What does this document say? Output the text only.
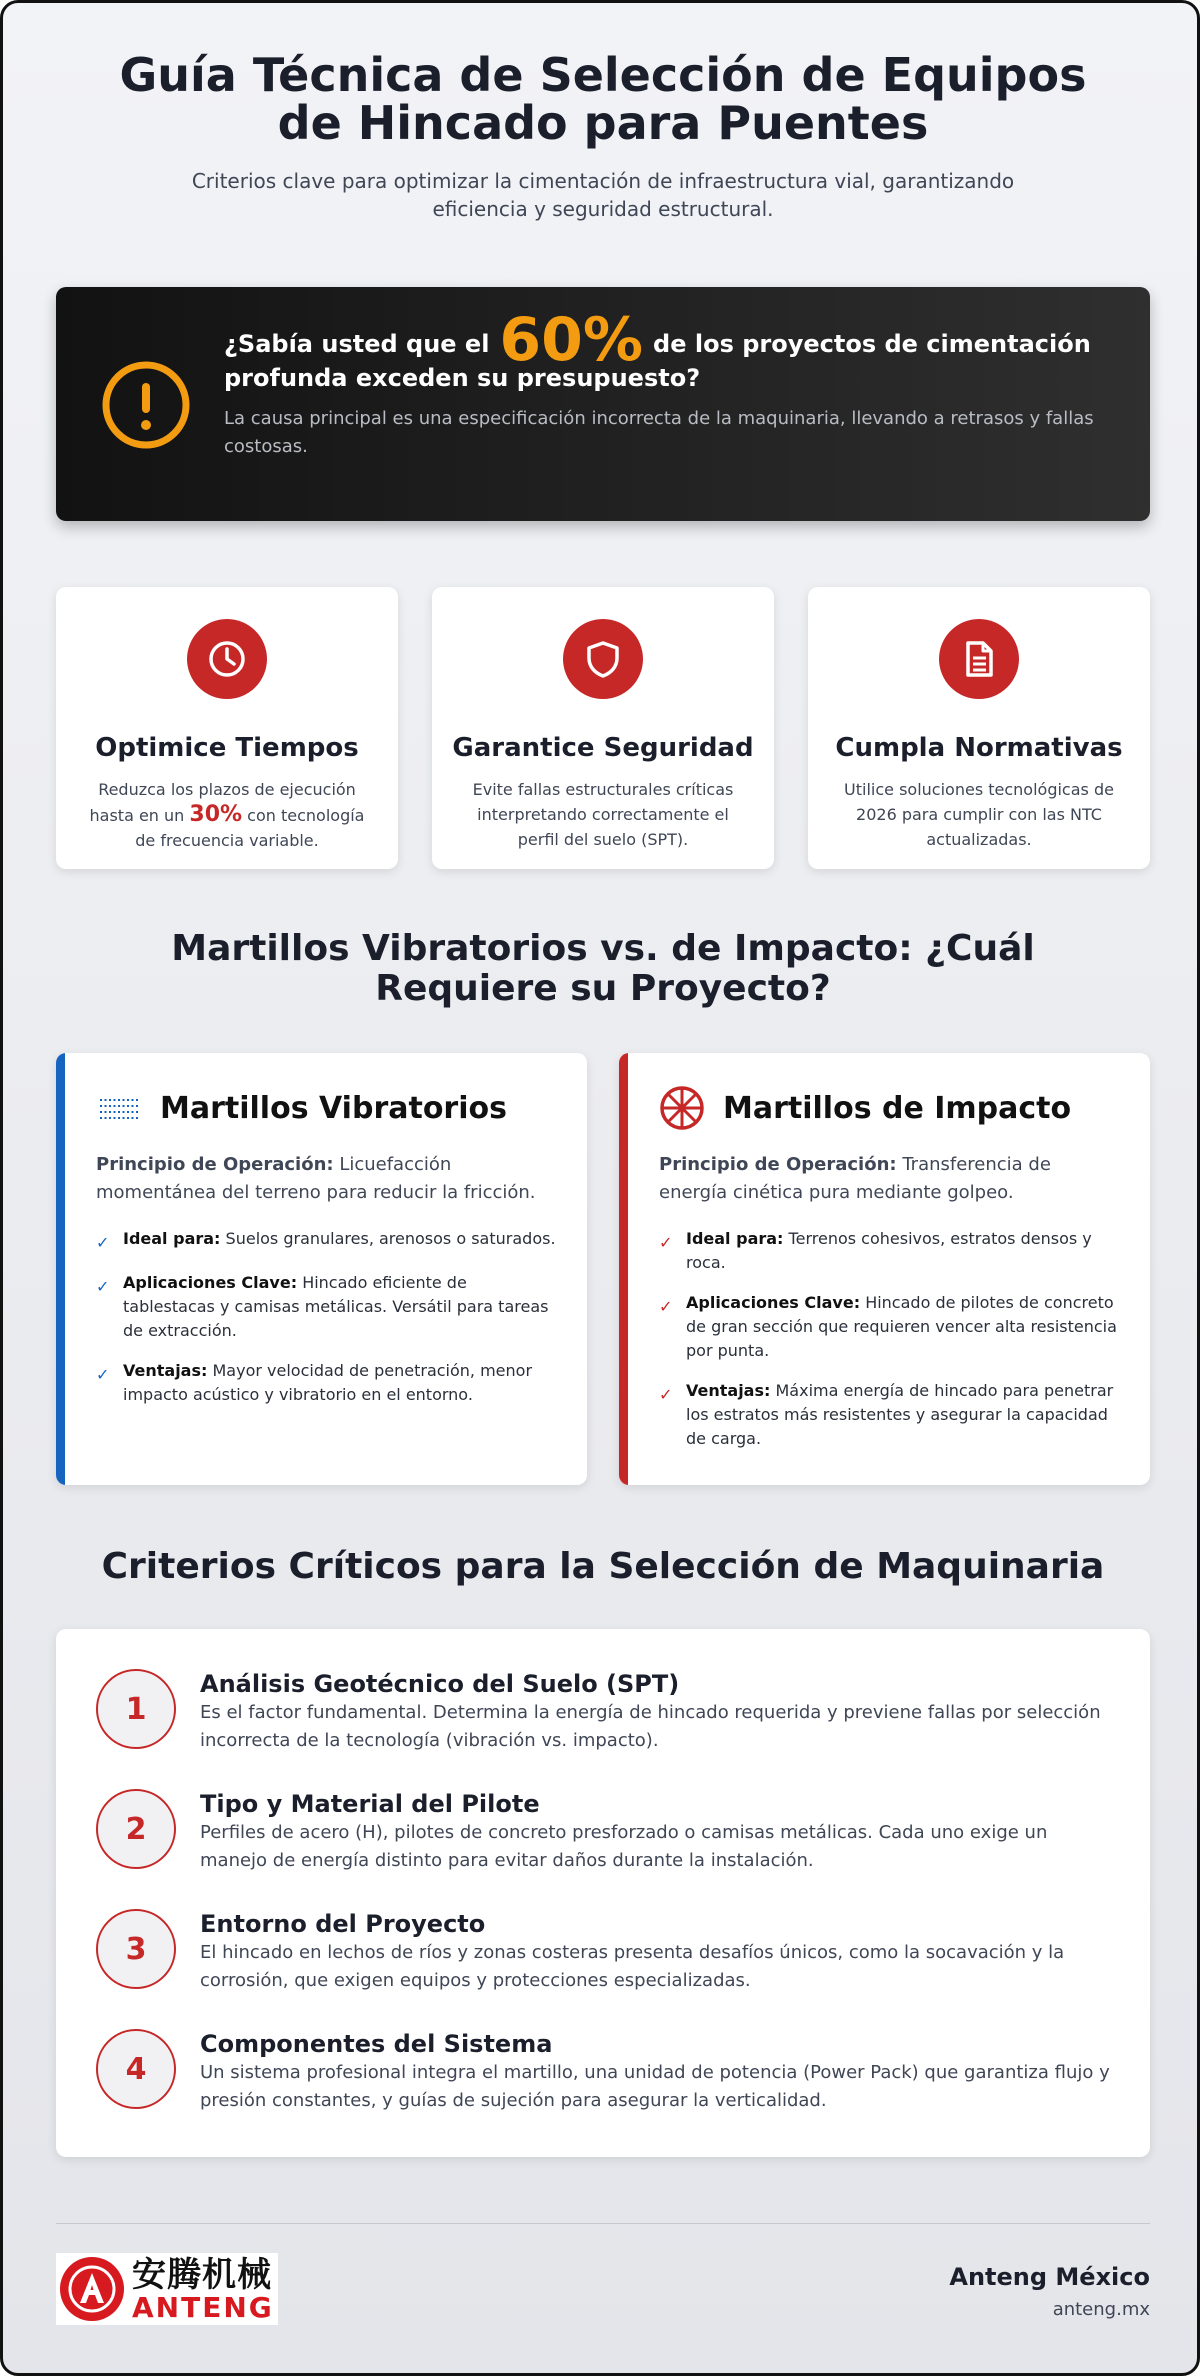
Guía Técnica de Selección de Equipos de Hincado para Puentes

Criterios clave para optimizar la cimentación de infraestructura vial, garantizando eficiencia y seguridad estructural.

¿Sabía usted que el 60% de los proyectos de cimentación profunda exceden su presupuesto?

La causa principal es una especificación incorrecta de la maquinaria, llevando a retrasos y fallas costosas.

Optimice Tiempos

Reduzca los plazos de ejecución hasta en un 30% con tecnología de frecuencia variable.

Garantice Seguridad

Evite fallas estructurales críticas interpretando correctamente el perfil del suelo (SPT).

Cumpla Normativas

Utilice soluciones tecnológicas de 2026 para cumplir con las NTC actualizadas.

Martillos Vibratorios vs. de Impacto: ¿Cuál Requiere su Proyecto?
Martillos Vibratorios

Principio de Operación: Licuefacción momentánea del terreno para reducir la fricción.

✓ Ideal para: Suelos granulares, arenosos o saturados.
✓ Aplicaciones Clave: Hincado eficiente de tablestacas y camisas metálicas. Versátil para tareas de extracción.
✓ Ventajas: Mayor velocidad de penetración, menor impacto acústico y vibratorio en el entorno.
Martillos de Impacto

Principio de Operación: Transferencia de energía cinética pura mediante golpeo.

✓ Ideal para: Terrenos cohesivos, estratos densos y roca.
✓ Aplicaciones Clave: Hincado de pilotes de concreto de gran sección que requieren vencer alta resistencia por punta.
✓ Ventajas: Máxima energía de hincado para penetrar los estratos más resistentes y asegurar la capacidad de carga.
Criterios Críticos para la Selección de Maquinaria
1
Análisis Geotécnico del Suelo (SPT)

Es el factor fundamental. Determina la energía de hincado requerida y previene fallas por selección incorrecta de la tecnología (vibración vs. impacto).

2
Tipo y Material del Pilote

Perfiles de acero (H), pilotes de concreto presforzado o camisas metálicas. Cada uno exige un manejo de energía distinto para evitar daños durante la instalación.

3
Entorno del Proyecto

El hincado en lechos de ríos y zonas costeras presenta desafíos únicos, como la socavación y la corrosión, que exigen equipos y protecciones especializadas.

4
Componentes del Sistema

Un sistema profesional integra el martillo, una unidad de potencia (Power Pack) que garantiza flujo y presión constantes, y guías de sujeción para asegurar la verticalidad.

安腾机械
ANTENG
Anteng México
anteng.mx
